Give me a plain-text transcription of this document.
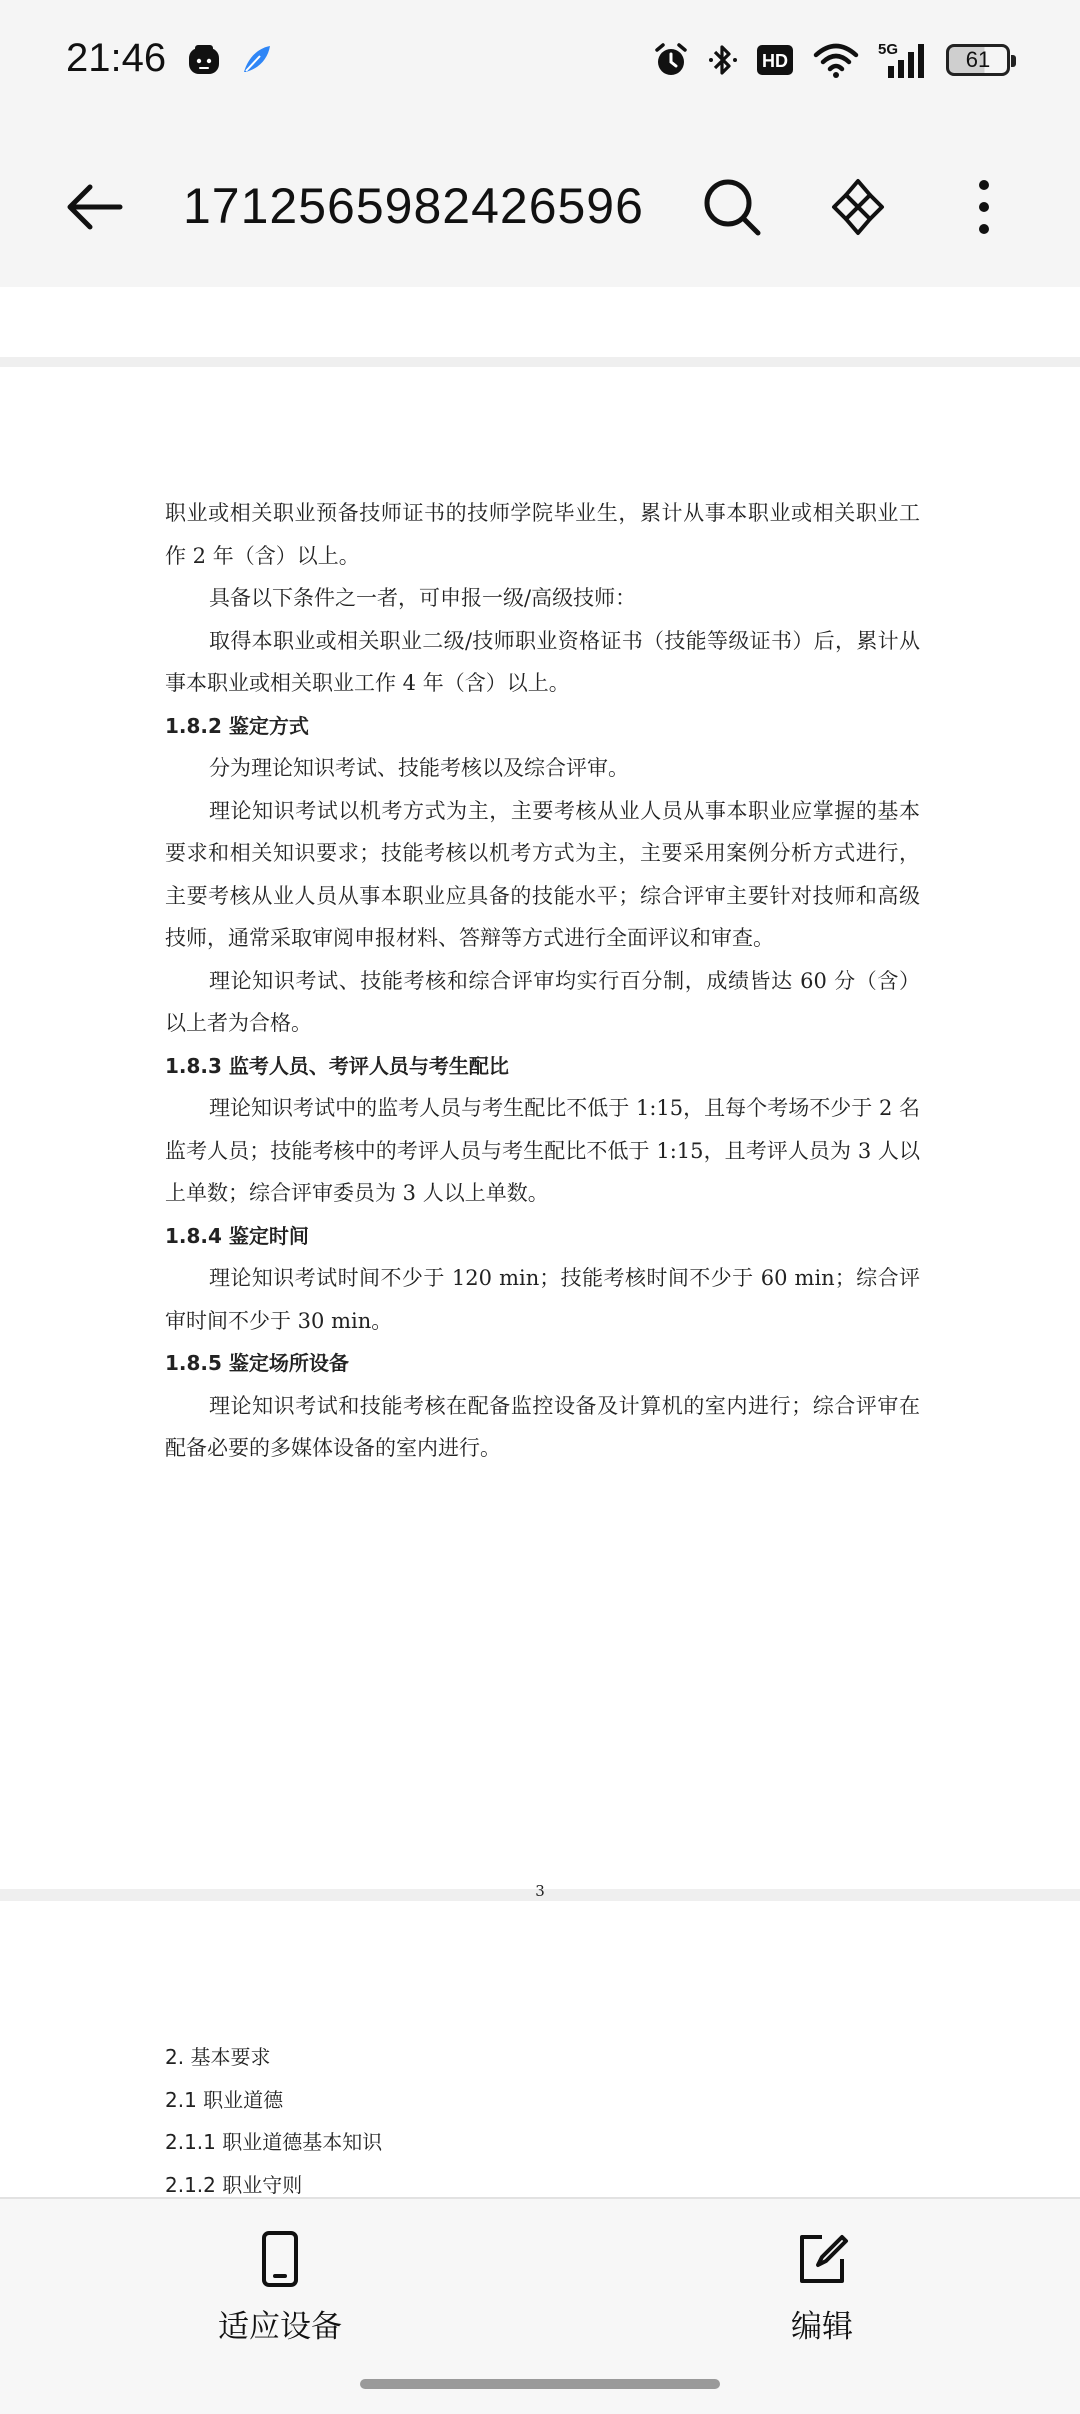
21:46	HD
5G	61
1712565982426596

职业或相关职业预备技师证书的技师学院毕业生，累计从事本职业或相关职业工作 2 年（含）以上。

具备以下条件之一者，可申报一级/高级技师：

取得本职业或相关职业二级/技师职业资格证书（技能等级证书）后，累计从事本职业或相关职业工作 4 年（含）以上。

1.8.2 鉴定方式

分为理论知识考试、技能考核以及综合评审。

理论知识考试以机考方式为主，主要考核从业人员从事本职业应掌握的基本要求和相关知识要求；技能考核以机考方式为主，主要采用案例分析方式进行，主要考核从业人员从事本职业应具备的技能水平；综合评审主要针对技师和高级技师，通常采取审阅申报材料、答辩等方式进行全面评议和审查。

理论知识考试、技能考核和综合评审均实行百分制，成绩皆达 60 分（含）以上者为合格。

1.8.3 监考人员、考评人员与考生配比

理论知识考试中的监考人员与考生配比不低于 1:15，且每个考场不少于 2 名监考人员；技能考核中的考评人员与考生配比不低于 1:15，且考评人员为 3 人以上单数；综合评审委员为 3 人以上单数。

1.8.4 鉴定时间

理论知识考试时间不少于 120 min；技能考核时间不少于 60 min；综合评审时间不少于 30 min。

1.8.5 鉴定场所设备

理论知识考试和技能考核在配备监控设备及计算机的室内进行；综合评审在配备必要的多媒体设备的室内进行。

3

2. 基本要求

2.1 职业道德

2.1.1 职业道德基本知识

2.1.2 职业守则

适应设备	编辑
